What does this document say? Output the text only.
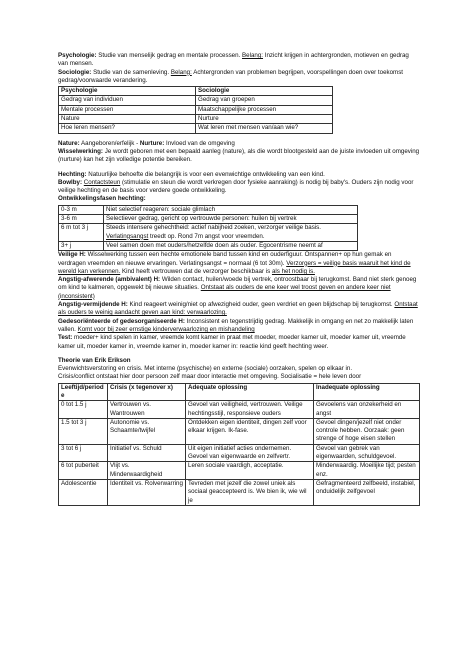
Psychologie: Studie van menselijk gedrag en mentale processen. Belang: Inzicht krijgen in achtergronden, motieven en gedrag van mensen.

Sociologie: Studie van de samenleving. Belang: Achtergronden van problemen begrijpen, voorspellingen doen over toekomst gedrag/voorwaarde verandering.

Psychologie	Sociologie
Gedrag van individuen	Gedrag van groepen
Mentale processen	Maatschappelijke processen
Nature	Nurture
Hoe leren mensen?	Wat leren met mensen van/aan wie?

Nature: Aangeboren/erfelijk - Nurture: Invloed van de omgeving

Wisselwerking: Je wordt geboren met een bepaald aanleg (nature), als die wordt blootgesteld aan de juiste invloeden uit omgeving (nurture) kan het zijn volledige potentie bereiken.

Hechting: Natuurlijke behoefte die belangrijk is voor een evenwichtige ontwikkeling van een kind.

Bowlby: Contactsteun (stimulatie en steun die wordt verkregen door fysieke aanraking) is nodig bij baby's. Ouders zijn nodig voor veilige hechting en de basis voor verdere goede ontwikkeling.

Ontwikkelingsfasen hechting:

0-3 m	Niet selectief reageren: sociale glimlach
3-6 m	Selectiever gedrag, gericht op vertrouwde personen: huilen bij vertrek
6 m tot 3 j	Steeds intensere gehechtheid: actief nabijheid zoeken, verzorger veilige basis. Verlatingsangst treedt op. Rond 7m angst voor vreemden.
3+ j	Veel samen doen met ouders/hetzelfde doen als ouder. Egocentrisme neemt af

Veilige H: Wisselwerking tussen een hechte emotionele band tussen kind en ouderfiguur. Ontspannen+ op hun gemak en verdragen vreemden en nieuwe ervaringen. Verlatingsangst = normaal (6 tot 30m). Verzorgers = veilige basis waaruit het kind de wereld kan verkennen. Kind heeft vertrouwen dat de verzorger beschikbaar is als het nodig is.

Angstig-afwerende (ambivalent) H: Wilden contact, huilen/woede bij vertrek, ontroostbaar bij terugkomst. Band niet sterk genoeg om kind te kalmeren, opgewekt bij nieuwe situaties. Ontstaat als ouders de ene keer wel troost geven en andere keer niet (inconsistent)

Angstig-vermijdende H: Kind reageert weinig/niet op afwezigheid ouder, geen verdriet en geen blijdschap bij terugkomst. Ontstaat als ouders te weinig aandacht geven aan kind: verwaarlozing.

Gedesoriënteerde of gedesorganiseerde H: Inconsistent en tegenstrijdig gedrag. Makkelijk in omgang en net zo makkelijk laten vallen. Komt voor bij zeer ernstige kinderverwaarlozing en mishandeling

Test: moeder+ kind spelen in kamer, vreemde komt kamer in praat met moeder, moeder kamer uit, moeder kamer uit, vreemde kamer uit, moeder kamer in, vreemde kamer in, moeder kamer in: reactie kind geeft hechting weer.

Theorie van Erik Erikson

Evenwichtsverstoring en crisis. Met interne (psychische) en externe (sociale) oorzaken, spelen op elkaar in.

Crisis/conflict ontstaat hier door persoon zelf maar door interactie met omgeving. Socialisatie = hele leven door

Leeftijd/period e	Crisis (x tegenover x)	Adequate oplossing	Inadequate oplossing
0 tot 1.5 j	Vertrouwen vs. Wantrouwen	Gevoel van veiligheid, vertrouwen. Veilige hechtingsstijl, responsieve ouders	Gevoelens van onzekerheid en angst
1.5 tot 3 j	Autonomie vs. Schaamte/twijfel	Ontdekken eigen identiteit, dingen zelf voor elkaar krijgen. Ik-fase.	Gevoel dingen/jezelf niet onder controle hebben. Oorzaak: geen strenge of hoge eisen stellen
3 tot 6 j	Initiatief vs. Schuld	Uit eigen initiatief acties ondernemen. Gevoel van eigenwaarde en zelfvertr.	Gevoel van gebrek van eigenwaarden, schuldgevoel.
6 tot puberteit	Vlijt vs. Minderwaardigheid	Leren sociale vaardigh, acceptatie.	Minderwaardig. Moeilijke tijd; pesten enz.
Adolescentie	Identiteit vs. Rolverwarring	Tevreden met jezelf die zowel uniek als sociaal geaccepteerd is. We bien ik, wie wil je	Gefragmenteerd zelfbeeld, instabiel, onduidelijk zelfgevoel
